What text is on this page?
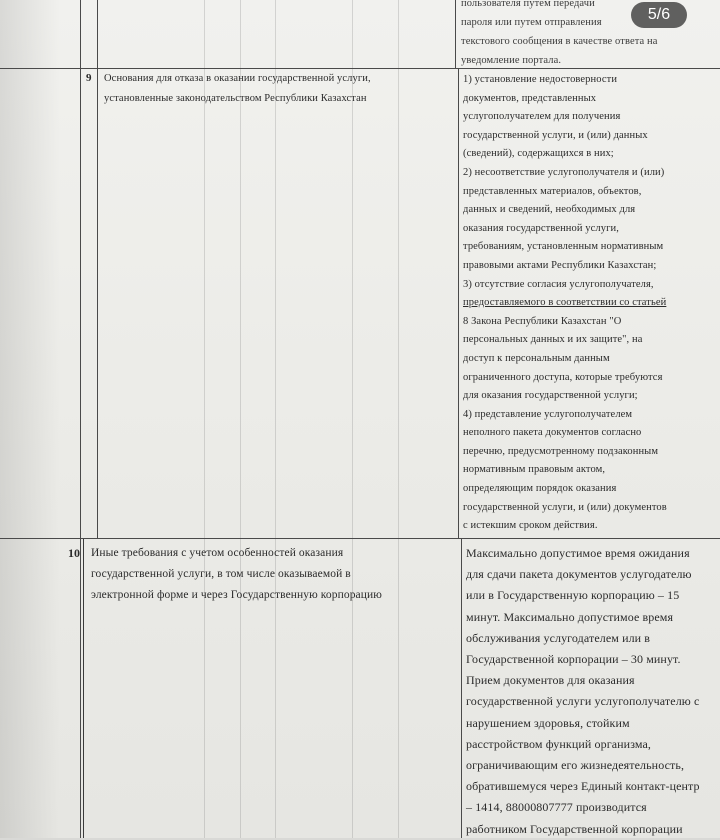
пользователя путем передачи
пароля или путем отправления
текстового сообщения в качестве ответа на
уведомление портала.
9 Основания для отказа в оказании государственной услуги,
установленные законодательством Республики Казахстан
1) установление недостоверности
документов, представленных
услугополучателем для получения
государственной услуги, и (или) данных
(сведений), содержащихся в них;
2) несоответствие услугополучателя и (или)
представленных материалов, объектов,
данных и сведений, необходимых для
оказания государственной услуги,
требованиям, установленным нормативным
правовыми актами Республики Казахстан;
3) отсутствие согласия услугополучателя,
предоставляемого в соответствии со статьей
8 Закона Республики Казахстан "О
персональных данных и их защите", на
доступ к персональным данным
ограниченного доступа, которые требуются
для оказания государственной услуги;
4) представление услугополучателем
неполного пакета документов согласно
перечню, предусмотренному подзаконным
нормативным правовым актом,
определяющим порядок оказания
государственной услуги, и (или) документов
с истекшим сроком действия.
10 Иные требования с учетом особенностей оказания
государственной услуги, в том числе оказываемой в
электронной форме и через Государственную корпорацию
Максимально допустимое время ожидания
для сдачи пакета документов услугодателю
или в Государственную корпорацию – 15
минут. Максимально допустимое время
обслуживания услугодателем или в
Государственной корпорации – 30 минут.
Прием документов для оказания
государственной услуги услугополучателю с
нарушением здоровья, стойким
расстройством функций организма,
ограничивающим его жизнедеятельность,
обратившемуся через Единый контакт-центр
– 1414, 88000807777 производится
работником Государственной корпорации
5/6
